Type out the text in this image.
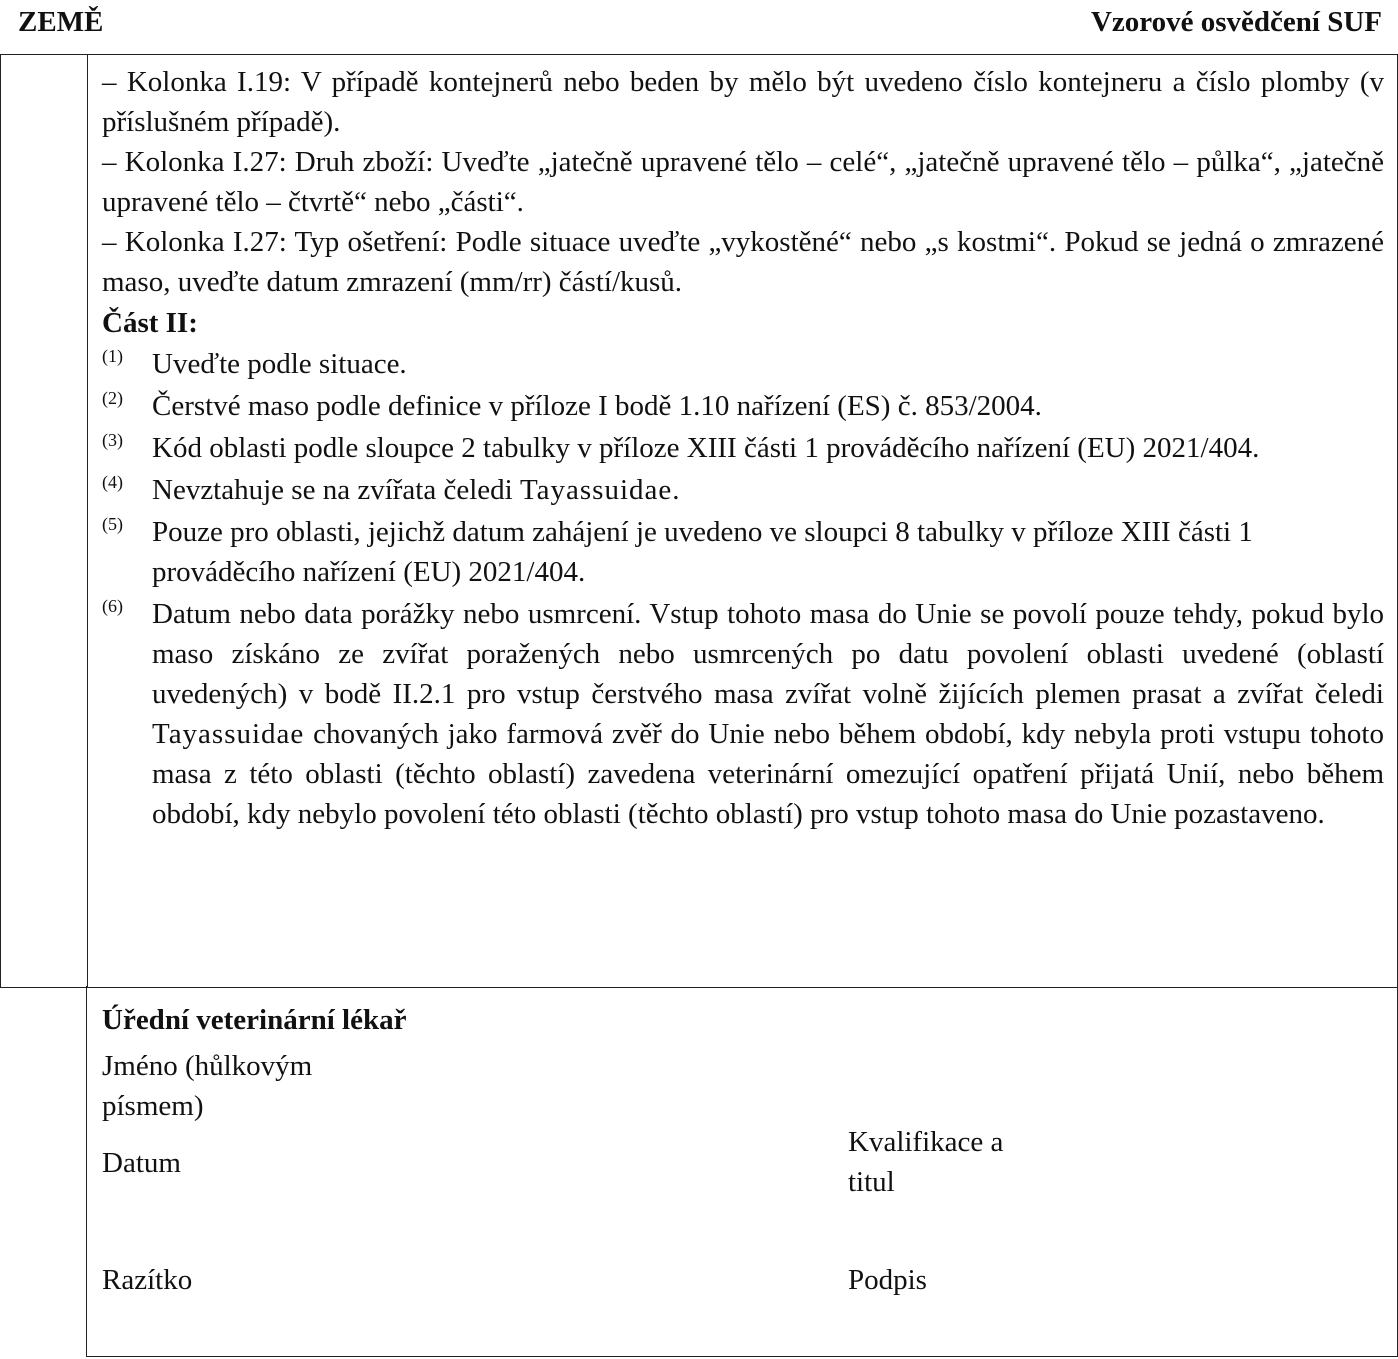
ZEMĚ	Vzorové osvědčení SUF

– Kolonka I.19: V případě kontejnerů nebo beden by mělo být uvedeno číslo kontejneru a číslo plomby (v příslušném případě).

– Kolonka I.27: Druh zboží: Uveďte „jatečně upravené tělo – celé“, „jatečně upravené tělo – půlka“, „jatečně upravené tělo – čtvrtě“ nebo „části“.

– Kolonka I.27: Typ ošetření: Podle situace uveďte „vykostěné“ nebo „s kostmi“. Pokud se jedná o zmrazené maso, uveďte datum zmrazení (mm/rr) částí/kusů.

Část II:

(1) Uveďte podle situace.

(2) Čerstvé maso podle definice v příloze I bodě 1.10 nařízení (ES) č. 853/2004.

(3) Kód oblasti podle sloupce 2 tabulky v příloze XIII části 1 prováděcího nařízení (EU) 2021/404.

(4) Nevztahuje se na zvířata čeledi Tayassuidae.

(5) Pouze pro oblasti, jejichž datum zahájení je uvedeno ve sloupci 8 tabulky v příloze XIII části 1 prováděcího nařízení (EU) 2021/404.

(6) Datum nebo data porážky nebo usmrcení. Vstup tohoto masa do Unie se povolí pouze tehdy, pokud bylo maso získáno ze zvířat poražených nebo usmrcených po datu povolení oblasti uvedené (oblastí uvedených) v bodě II.2.1 pro vstup čerstvého masa zvířat volně žijících plemen prasat a zvířat čeledi Tayassuidae chovaných jako farmová zvěř do Unie nebo během období, kdy nebyla proti vstupu tohoto masa z této oblasti (těchto oblastí) zavedena veterinární omezující opatření přijatá Unií, nebo během období, kdy nebylo povolení této oblasti (těchto oblastí) pro vstup tohoto masa do Unie pozastaveno.

Úřední veterinární lékař
Jméno (hůlkovým písmem)
Datum
Kvalifikace a titul
Razítko	Podpis
